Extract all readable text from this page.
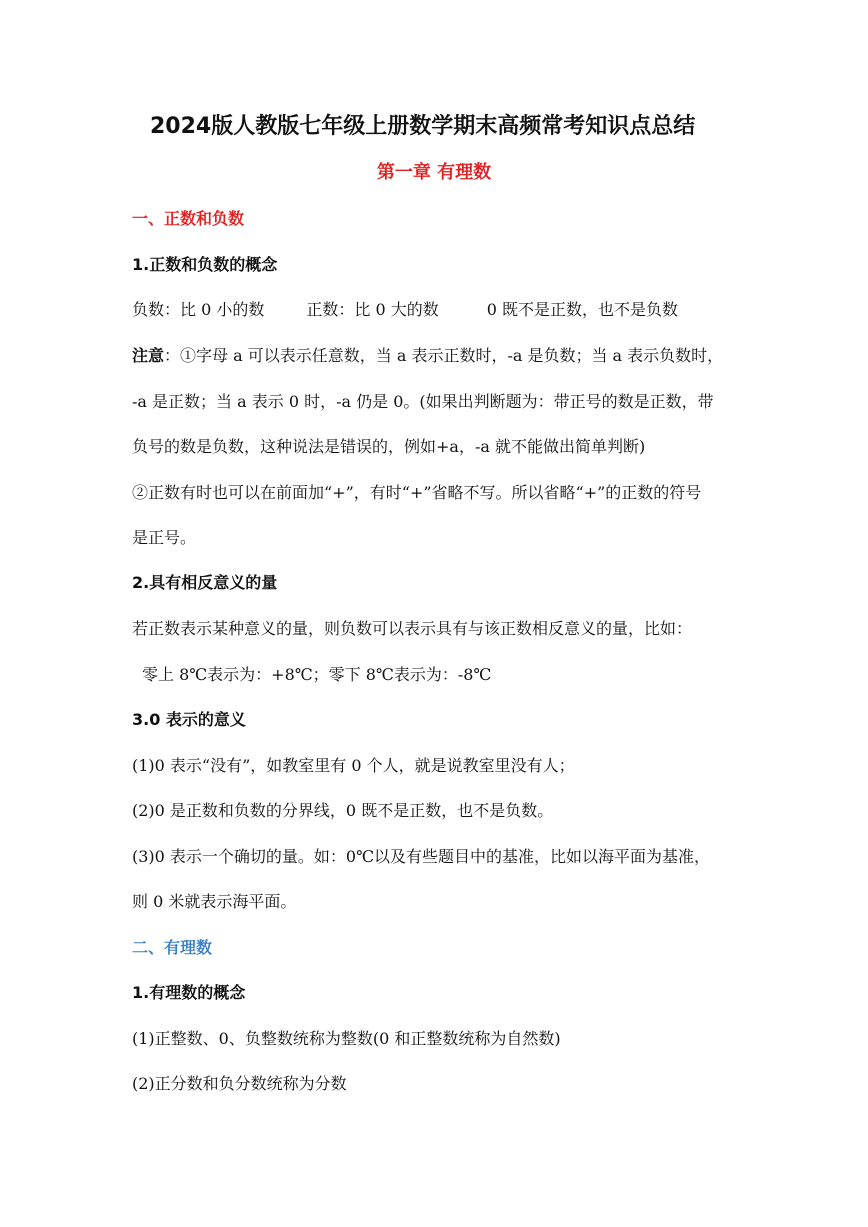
2024版人教版七年级上册数学期末高频常考知识点总结
第一章 有理数
一、正数和负数
1.正数和负数的概念
负数：比 0 小的数	正数：比 0 大的数	0 既不是正数，也不是负数
注意：①字母 a 可以表示任意数，当 a 表示正数时，-a 是负数；当 a 表示负数时，
-a 是正数；当 a 表示 0 时，-a 仍是 0。(如果出判断题为：带正号的数是正数，带
负号的数是负数，这种说法是错误的，例如+a，-a 就不能做出简单判断)
②正数有时也可以在前面加“+”，有时“+”省略不写。所以省略“+”的正数的符号
是正号。
2.具有相反意义的量
若正数表示某种意义的量，则负数可以表示具有与该正数相反意义的量，比如：
零上 8℃表示为：+8℃；零下 8℃表示为：-8℃
3.0 表示的意义
(1)0 表示“没有”，如教室里有 0 个人，就是说教室里没有人；
(2)0 是正数和负数的分界线，0 既不是正数，也不是负数。
(3)0 表示一个确切的量。如：0℃以及有些题目中的基准，比如以海平面为基准，
则 0 米就表示海平面。
二、有理数
1.有理数的概念
(1)正整数、0、负整数统称为整数(0 和正整数统称为自然数)
(2)正分数和负分数统称为分数
